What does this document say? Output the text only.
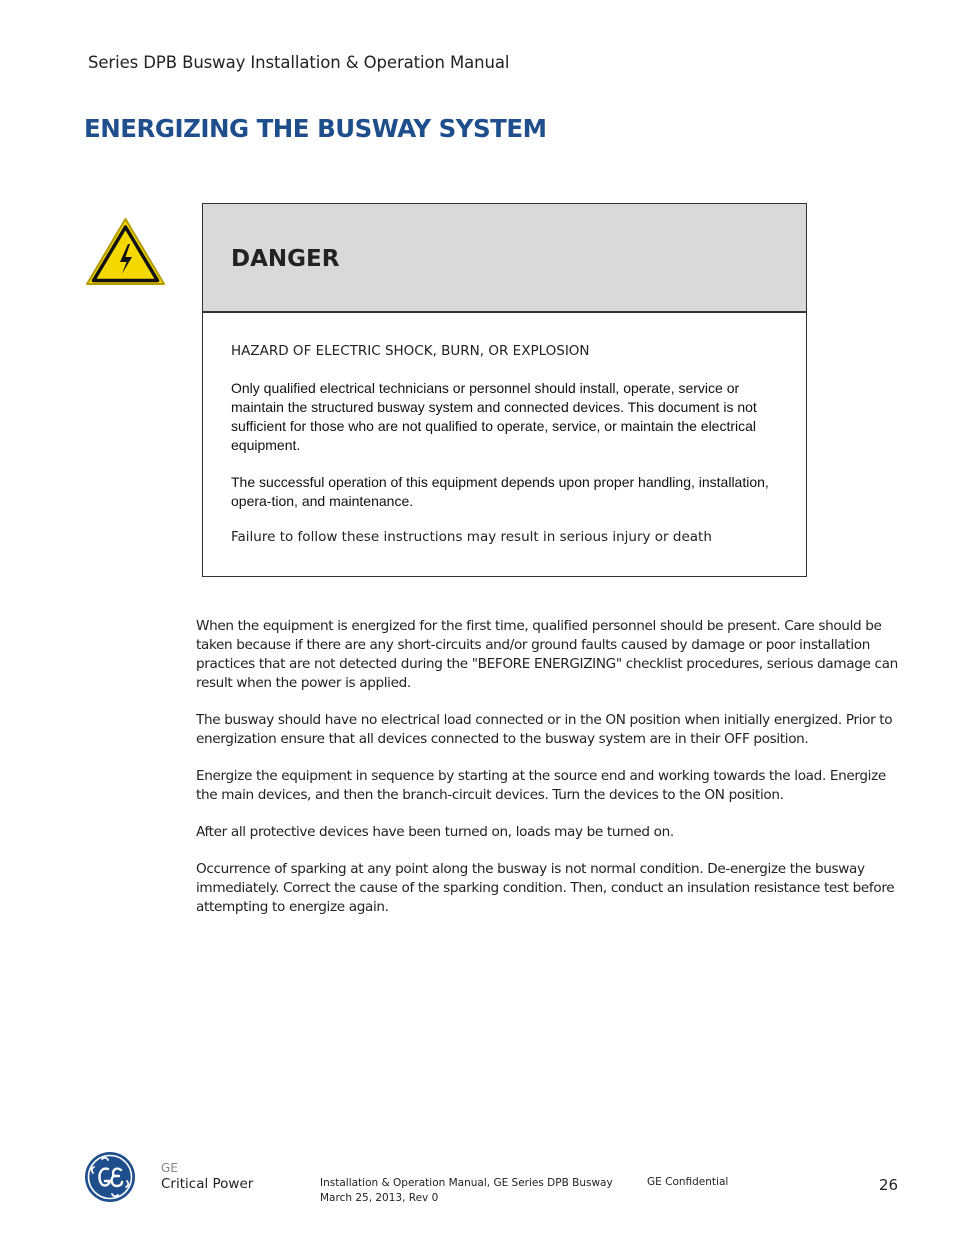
Series DPB Busway Installation & Operation Manual
ENERGIZING THE BUSWAY SYSTEM
DANGER

HAZARD OF ELECTRIC SHOCK, BURN, OR EXPLOSION

Only qualified electrical technicians or personnel should install, operate, service or maintain the structured busway system and connected devices. This document is not sufficient for those who are not qualified to operate, service, or maintain the electrical equipment.

The successful operation of this equipment depends upon proper handling, installation, opera-tion, and maintenance.

Failure to follow these instructions may result in serious injury or death

When the equipment is energized for the first time, qualified personnel should be present. Care should be taken because if there are any short-circuits and/or ground faults caused by damage or poor installation practices that are not detected during the "BEFORE ENERGIZING" checklist procedures, serious damage can result when the power is applied.

The busway should have no electrical load connected or in the ON position when initially energized. Prior to energization ensure that all devices connected to the busway system are in their OFF position.

Energize the equipment in sequence by starting at the source end and working towards the load. Energize the main devices, and then the branch-circuit devices. Turn the devices to the ON position.

After all protective devices have been turned on, loads may be turned on.

Occurrence of sparking at any point along the busway is not normal condition. De-energize the busway immediately. Correct the cause of the sparking condition. Then, conduct an insulation resistance test before attempting to energize again.

GE
Critical Power	Installation & Operation Manual, GE Series DPB Busway
March 25, 2013, Rev 0
GE Confidential	26
